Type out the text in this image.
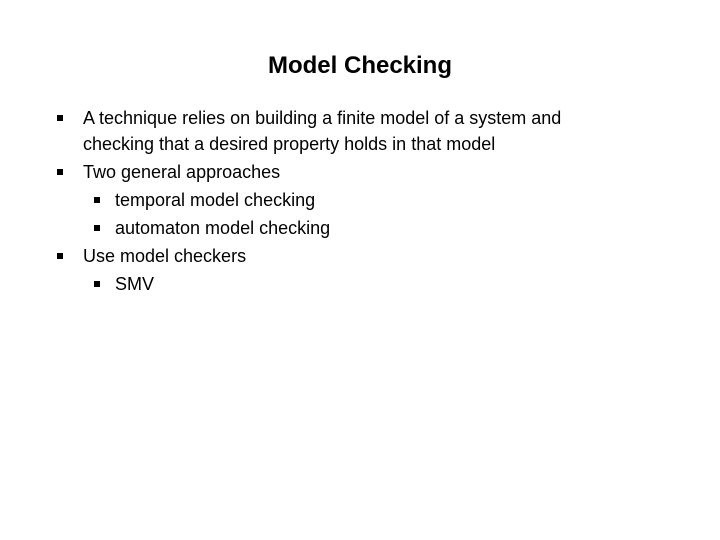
Model Checking
A technique relies on building a finite model of a system and
checking that a desired property holds in that model
Two general approaches
temporal model checking
automaton model checking
Use model checkers
SMV
